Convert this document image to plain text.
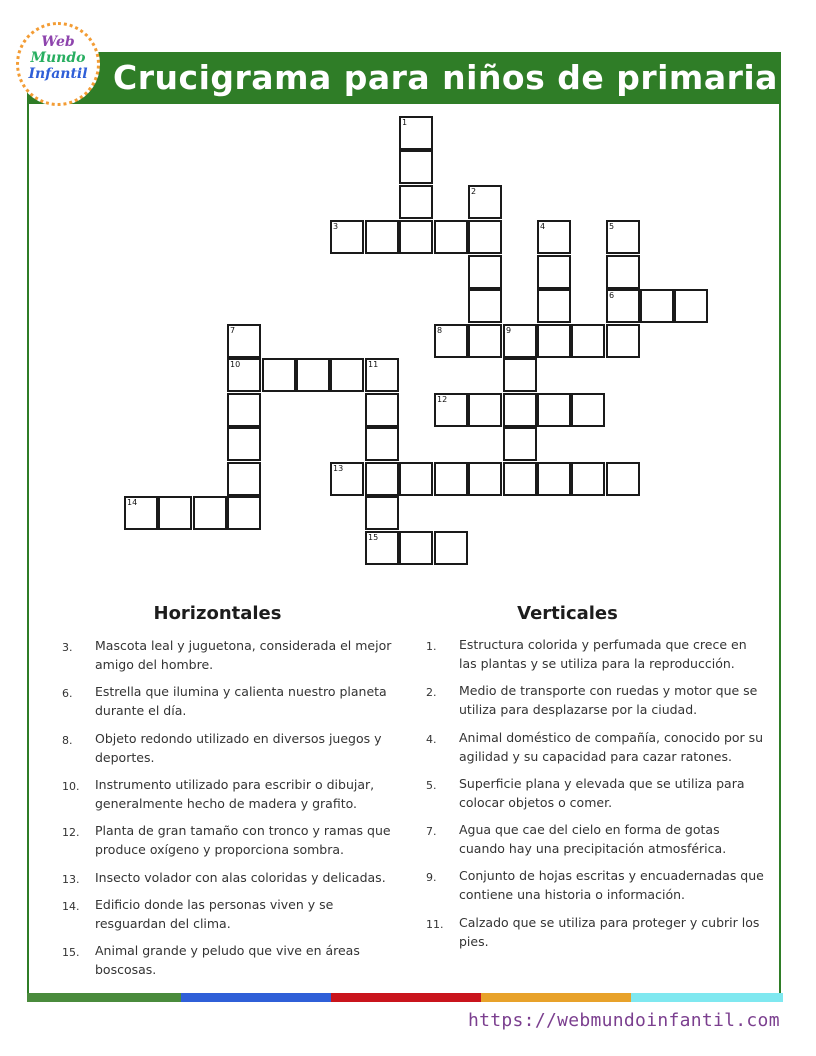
Crucigrama para niños de primaria
Web
Mundo
Infantil
3
6
8	9
10	11
12
13
14
15
1
2
4	5
7
Horizontales	Verticales
3. Mascota leal y juguetona, considerada el mejor amigo del hombre.
6. Estrella que ilumina y calienta nuestro planeta durante el día.
8. Objeto redondo utilizado en diversos juegos y deportes.
10. Instrumento utilizado para escribir o dibujar, generalmente hecho de madera y grafito.
12. Planta de gran tamaño con tronco y ramas que produce oxígeno y proporciona sombra.
13. Insecto volador con alas coloridas y delicadas.
14. Edificio donde las personas viven y se resguardan del clima.
15. Animal grande y peludo que vive en áreas boscosas.
1. Estructura colorida y perfumada que crece en las plantas y se utiliza para la reproducción.
2. Medio de transporte con ruedas y motor que se utiliza para desplazarse por la ciudad.
4. Animal doméstico de compañía, conocido por su agilidad y su capacidad para cazar ratones.
5. Superficie plana y elevada que se utiliza para colocar objetos o comer.
7. Agua que cae del cielo en forma de gotas cuando hay una precipitación atmosférica.
9. Conjunto de hojas escritas y encuadernadas que contiene una historia o información.
11. Calzado que se utiliza para proteger y cubrir los pies.
https://webmundoinfantil.com
